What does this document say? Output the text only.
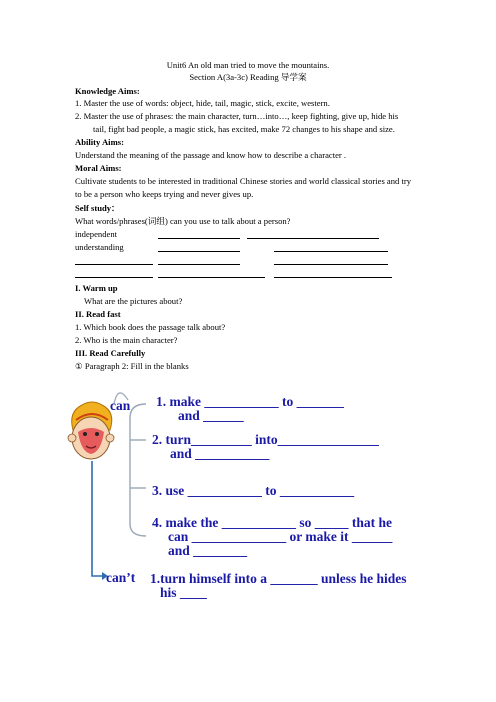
Unit6 An old man tried to move the mountains.
Section A(3a-3c) Reading 导学案
Knowledge Aims:
1. Master the use of words: object, hide, tail, magic, stick, excite, western.
2. Master the use of phrases: the main character, turn…into…, keep fighting, give up, hide his
tail, fight bad people, a magic stick, has excited, make 72 changes to his shape and size.
Ability Aims:
Understand the meaning of the passage and know how to describe a character .
Moral Aims:
Cultivate students to be interested in traditional Chinese stories and world classical stories and try
to be a person who keeps trying and never gives up.
Self study：
What words/phrases(词组) can you use to talk about a person?
independent
understanding
I. Warm up
What are the pictures about?
II. Read fast
1. Which book does the passage talk about?
2. Who is the main character?
III. Read Carefully
① Paragraph 2: Fill in the blanks
can
can’t
1. make ___________ to _______
and ______
2. turn_________ into_______________
and ___________
3. use ___________ to ___________
4. make the ___________ so _____ that he
can ______________ or make it ______
and ________
1.turn himself into a _______ unless he hides
his ____
